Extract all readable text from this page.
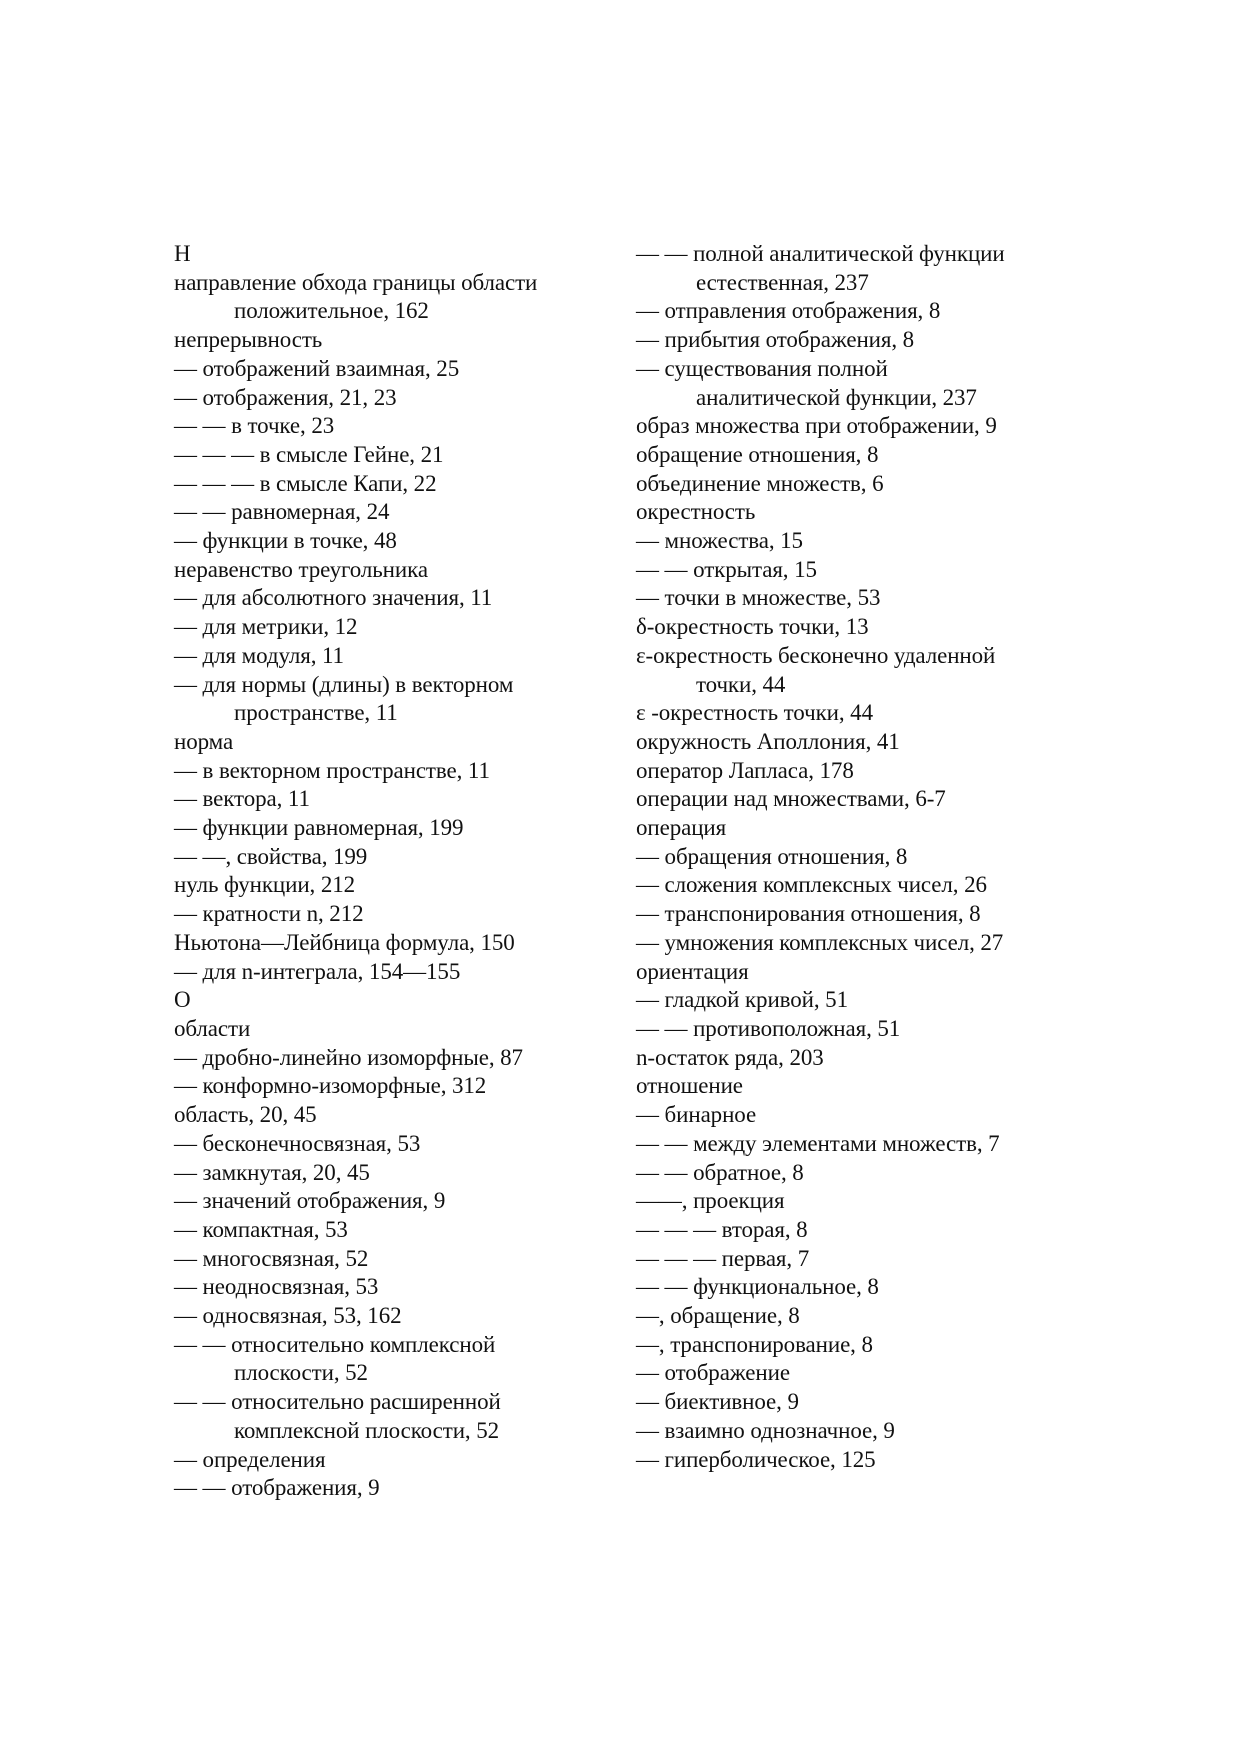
Н
направление обхода границы области
положительное, 162
непрерывность
— отображений взаимная, 25
— отображения, 21, 23
— — в точке, 23
— — — в смысле Гейне, 21
— — — в смысле Капи, 22
— — равномерная, 24
— функции в точке, 48
неравенство треугольника
— для абсолютного значения, 11
— для метрики, 12
— для модуля, 11
— для нормы (длины) в векторном
пространстве, 11
норма
— в векторном пространстве, 11
— вектора, 11
— функции равномерная, 199
— —, свойства, 199
нуль функции, 212
— кратности n, 212
Ньютона—Лейбница формула, 150
— для n-интеграла, 154—155
О
области
— дробно-линейно изоморфные, 87
— конформно-изоморфные, 312
область, 20, 45
— бесконечносвязная, 53
— замкнутая, 20, 45
— значений отображения, 9
— компактная, 53
— многосвязная, 52
— неодносвязная, 53
— односвязная, 53, 162
— — относительно комплексной
плоскости, 52
— — относительно расширенной
комплексной плоскости, 52
— определения
— — отображения, 9
— — полной аналитической функции
естественная, 237
— отправления отображения, 8
— прибытия отображения, 8
— существования полной
аналитической функции, 237
образ множества при отображении, 9
обращение отношения, 8
объединение множеств, 6
окрестность
— множества, 15
— — открытая, 15
— точки в множестве, 53
δ-окрестность точки, 13
ε-окрестность бесконечно удаленной
точки, 44
ε -окрестность точки, 44
окружность Аполлония, 41
оператор Лапласа, 178
операции над множествами, 6-7
операция
— обращения отношения, 8
— сложения комплексных чисел, 26
— транспонирования отношения, 8
— умножения комплексных чисел, 27
ориентация
— гладкой кривой, 51
— — противоположная, 51
n-остаток ряда, 203
отношение
— бинарное
— — между элементами множеств, 7
— — обратное, 8
——, проекция
— — — вторая, 8
— — — первая, 7
— — функциональное, 8
—, обращение, 8
—, транспонирование, 8
— отображение
— биективное, 9
— взаимно однозначное, 9
— гиперболическое, 125
